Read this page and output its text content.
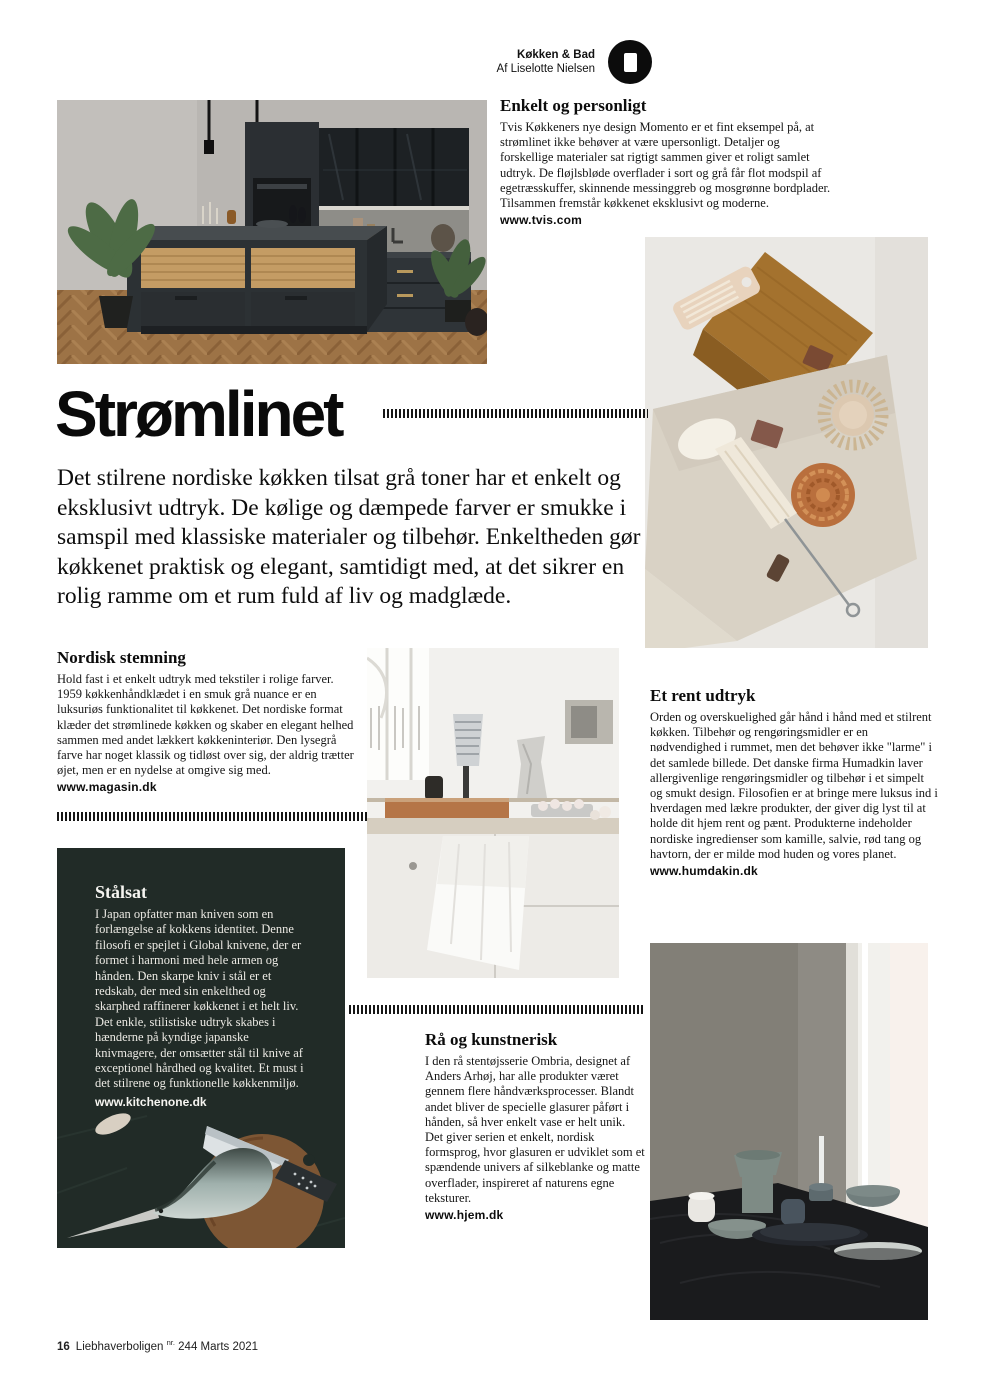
Køkken & Bad
Af Liselotte Nielsen
Enkelt og personligt

Tvis Køkkeners nye design Momento er et fint eksempel på, at strømlinet ikke behøver at være upersonligt. Detaljer og forskellige materialer sat rigtigt sammen giver et roligt samlet udtryk. De fløjlsbløde overflader i sort og grå får flot modspil af egetræsskuffer, skinnende messinggreb og mosgrønne bordplader. Tilsammen fremstår køkkenet eksklusivt og moderne.

www.tvis.com
Strømlinet
Det stilrene nordiske køkken tilsat grå toner har et enkelt og eksklusivt udtryk. De kølige og dæmpede farver er smukke i samspil med klassiske materialer og tilbehør. Enkeltheden gør køkkenet praktisk og elegant, samtidigt med, at det sikrer en rolig ramme om et rum fuld af liv og madglæde.
Nordisk stemning

Hold fast i et enkelt udtryk med tekstiler i rolige farver. 1959 køkkenhåndklædet i en smuk grå nuance er en luksuriøs funktionalitet til køkkenet. Det nordiske format klæder det strømlinede køkken og skaber en elegant helhed sammen med andet lækkert køkkeninteriør. Den lysegrå farve har noget klassik og tidløst over sig, der aldrig trætter øjet, men er en nydelse at omgive sig med.

www.magasin.dk
Et rent udtryk

Orden og overskuelighed går hånd i hånd med et stilrent køkken. Tilbehør og rengøringsmidler er en nødvendighed i rummet, men det behøver ikke "larme" i det samlede billede. Det danske firma Humadkin laver allergivenlige rengøringsmidler og tilbehør i et simpelt og smukt design. Filosofien er at bringe mere luksus ind i hverdagen med lækre produkter, der giver dig lyst til at holde dit hjem rent og pænt. Produkterne indeholder nordiske ingredienser som kamille, salvie, rød tang og havtorn, der er milde mod huden og vores planet.

www.humdakin.dk
Stålsat

I Japan opfatter man kniven som en forlængelse af kokkens identitet. Denne filosofi er spejlet i Global knivene, der er formet i harmoni med hele armen og hånden. Den skarpe kniv i stål er et redskab, der med sin enkelthed og skarphed raffinerer køkkenet i et helt liv. Det enkle, stilistiske udtryk skabes i hænderne på kyndige japanske knivmagere, der omsætter stål til knive af exceptionel hårdhed og kvalitet. Et must i det stilrene og funktionelle køkkenmiljø.

www.kitchenone.dk
Rå og kunstnerisk

I den rå stentøjsserie Ombria, designet af Anders Arhøj, har alle produkter været gennem flere håndværksprocesser. Blandt andet bliver de specielle glasurer påført i hånden, så hver enkelt vase er helt unik. Det giver serien et enkelt, nordisk formsprog, hvor glasuren er udviklet som et spændende univers af silkeblanke og matte overflader, inspireret af naturens egne teksturer.

www.hjem.dk
16 Liebhaverboligen $^{nr.}$ 244 Marts 2021
